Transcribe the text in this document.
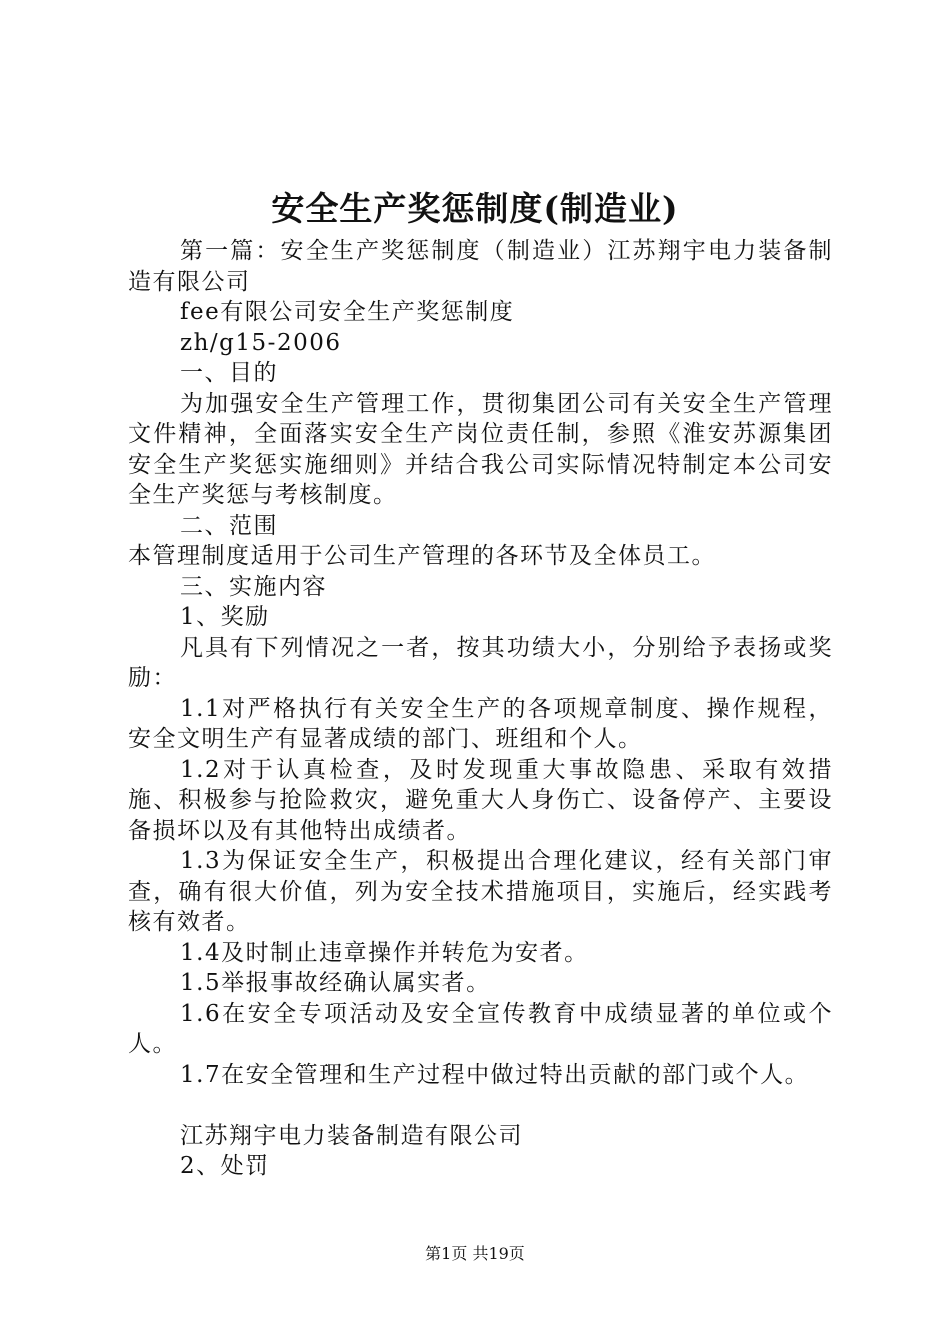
安全生产奖惩制度(制造业)

第一篇：安全生产奖惩制度（制造业）江苏翔宇电力装备制造有限公司

fee有限公司安全生产奖惩制度

zh/g15-2006

一、目的

为加强安全生产管理工作，贯彻集团公司有关安全生产管理文件精神，全面落实安全生产岗位责任制，参照《淮安苏源集团安全生产奖惩实施细则》并结合我公司实际情况特制定本公司安全生产奖惩与考核制度。

二、范围

本管理制度适用于公司生产管理的各环节及全体员工。

三、实施内容

1、奖励

凡具有下列情况之一者，按其功绩大小，分别给予表扬或奖励：

1.1对严格执行有关安全生产的各项规章制度、操作规程，安全文明生产有显著成绩的部门、班组和个人。

1.2对于认真检查，及时发现重大事故隐患、采取有效措施、积极参与抢险救灾，避免重大人身伤亡、设备停产、主要设备损坏以及有其他特出成绩者。

1.3为保证安全生产，积极提出合理化建议，经有关部门审查，确有很大价值，列为安全技术措施项目，实施后，经实践考核有效者。

1.4及时制止违章操作并转危为安者。

1.5举报事故经确认属实者。

1.6在安全专项活动及安全宣传教育中成绩显著的单位或个人。

1.7在安全管理和生产过程中做过特出贡献的部门或个人。

江苏翔宇电力装备制造有限公司

2、处罚

第1页 共19页
